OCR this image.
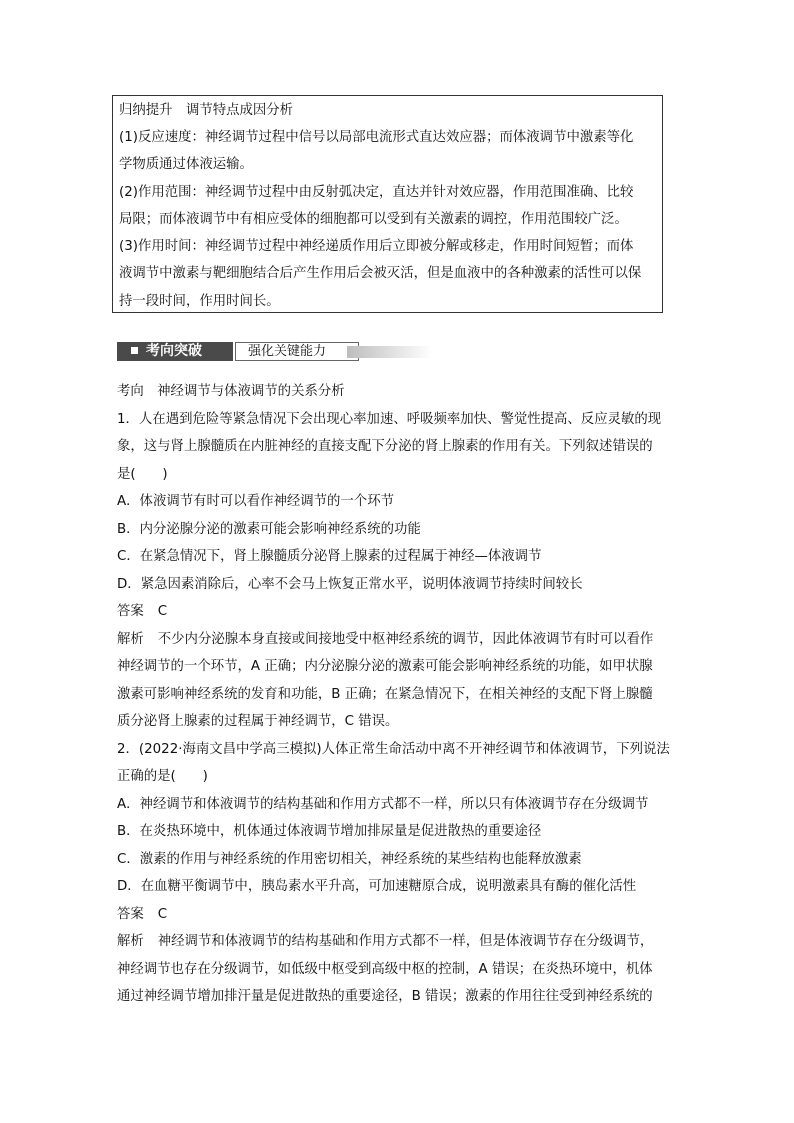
归纳提升　调节特点成因分析

(1)反应速度：神经调节过程中信号以局部电流形式直达效应器；而体液调节中激素等化

学物质通过体液运输。

(2)作用范围：神经调节过程中由反射弧决定，直达并针对效应器，作用范围准确、比较

局限；而体液调节中有相应受体的细胞都可以受到有关激素的调控，作用范围较广泛。

(3)作用时间：神经调节过程中神经递质作用后立即被分解或移走，作用时间短暂；而体

液调节中激素与靶细胞结合后产生作用后会被灭活，但是血液中的各种激素的活性可以保

持一段时间，作用时间长。

考向突破	强化关键能力

考向　神经调节与体液调节的关系分析

1．人在遇到危险等紧急情况下会出现心率加速、呼吸频率加快、警觉性提高、反应灵敏的现

象，这与肾上腺髓质在内脏神经的直接支配下分泌的肾上腺素的作用有关。下列叙述错误的

是(　　)

A．体液调节有时可以看作神经调节的一个环节

B．内分泌腺分泌的激素可能会影响神经系统的功能

C．在紧急情况下，肾上腺髓质分泌肾上腺素的过程属于神经—体液调节

D．紧急因素消除后，心率不会马上恢复正常水平，说明体液调节持续时间较长

答案 C

解析 不少内分泌腺本身直接或间接地受中枢神经系统的调节，因此体液调节有时可以看作

神经调节的一个环节，A 正确；内分泌腺分泌的激素可能会影响神经系统的功能，如甲状腺

激素可影响神经系统的发育和功能，B 正确；在紧急情况下，在相关神经的支配下肾上腺髓

质分泌肾上腺素的过程属于神经调节，C 错误。

2．(2022·海南文昌中学高三模拟)人体正常生命活动中离不开神经调节和体液调节，下列说法

正确的是(　　)

A．神经调节和体液调节的结构基础和作用方式都不一样，所以只有体液调节存在分级调节

B．在炎热环境中，机体通过体液调节增加排尿量是促进散热的重要途径

C．激素的作用与神经系统的作用密切相关，神经系统的某些结构也能释放激素

D．在血糖平衡调节中，胰岛素水平升高，可加速糖原合成，说明激素具有酶的催化活性

答案 C

解析 神经调节和体液调节的结构基础和作用方式都不一样，但是体液调节存在分级调节，

神经调节也存在分级调节，如低级中枢受到高级中枢的控制，A 错误；在炎热环境中，机体

通过神经调节增加排汗量是促进散热的重要途径，B 错误；激素的作用往往受到神经系统的
